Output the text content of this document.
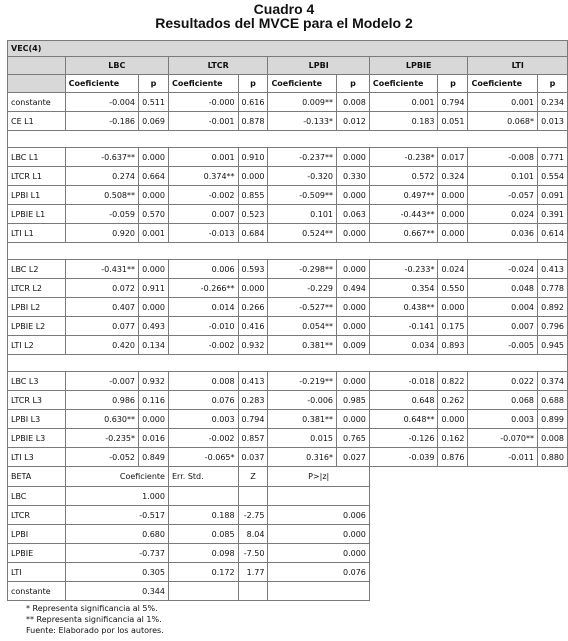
Cuadro 4
Resultados del MVCE para el Modelo 2
VEC(4)										
	LBC		LTCR		LPBI		LPBIE		LTI	
	Coeficiente	p	Coeficiente	p	Coeficiente	p	Coeficiente	p	Coeficiente	p
constante	-0.004	0.511	-0.000	0.616	0.009**	0.008	0.001	0.794	0.001	0.234
CE L1	-0.186	0.069	-0.001	0.878	-0.133*	0.012	0.183	0.051	0.068*	0.013

LBC L1	-0.637**	0.000	0.001	0.910	-0.237**	0.000	-0.238*	0.017	-0.008	0.771
LTCR L1	0.274	0.664	0.374**	0.000	-0.320	0.330	0.572	0.324	0.101	0.554
LPBI L1	0.508**	0.000	-0.002	0.855	-0.509**	0.000	0.497**	0.000	-0.057	0.091
LPBIE L1	-0.059	0.570	0.007	0.523	0.101	0.063	-0.443**	0.000	0.024	0.391
LTI L1	0.920	0.001	-0.013	0.684	0.524**	0.000	0.667**	0.000	0.036	0.614

LBC L2	-0.431**	0.000	0.006	0.593	-0.298**	0.000	-0.233*	0.024	-0.024	0.413
LTCR L2	0.072	0.911	-0.266**	0.000	-0.229	0.494	0.354	0.550	0.048	0.778
LPBI L2	0.407	0.000	0.014	0.266	-0.527**	0.000	0.438**	0.000	0.004	0.892
LPBIE L2	0.077	0.493	-0.010	0.416	0.054**	0.000	-0.141	0.175	0.007	0.796
LTI L2	0.420	0.134	-0.002	0.932	0.381**	0.009	0.034	0.893	-0.005	0.945

LBC L3	-0.007	0.932	0.008	0.413	-0.219**	0.000	-0.018	0.822	0.022	0.374
LTCR L3	0.986	0.116	0.076	0.283	-0.006	0.985	0.648	0.262	0.068	0.688
LPBI L3	0.630**	0.000	0.003	0.794	0.381**	0.000	0.648**	0.000	0.003	0.899
LPBIE L3	-0.235*	0.016	-0.002	0.857	0.015	0.765	-0.126	0.162	-0.070**	0.008
LTI L3	-0.052	0.849	-0.065*	0.037	0.316*	0.027	-0.039	0.876	-0.011	0.880
BETA	Coeficiente		Err. Std.	Z	P>|z|					
LBC	1.000									
LTCR	-0.517		0.188	-2.75	0.006					
LPBI	0.680		0.085	8.04	0.000					
LPBIE	-0.737		0.098	-7.50	0.000					
LTI	0.305		0.172	1.77	0.076					
constante	0.344									
* Representa significancia al 5%.
** Representa significancia al 1%.
Fuente: Elaborado por los autores.
